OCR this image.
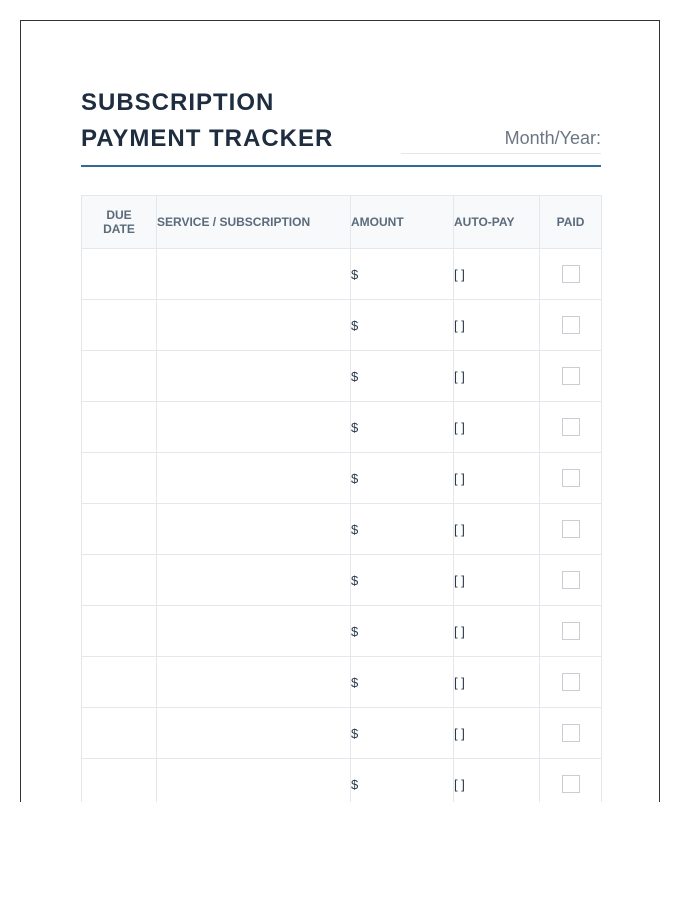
SUBSCRIPTION
PAYMENT TRACKER	Month/Year:
DUE
DATE	SERVICE / SUBSCRIPTION	AMOUNT	AUTO-PAY	PAID
		$	[ ]	
		$	[ ]	
		$	[ ]	
		$	[ ]	
		$	[ ]	
		$	[ ]	
		$	[ ]	
		$	[ ]	
		$	[ ]	
		$	[ ]	
		$	[ ]	
